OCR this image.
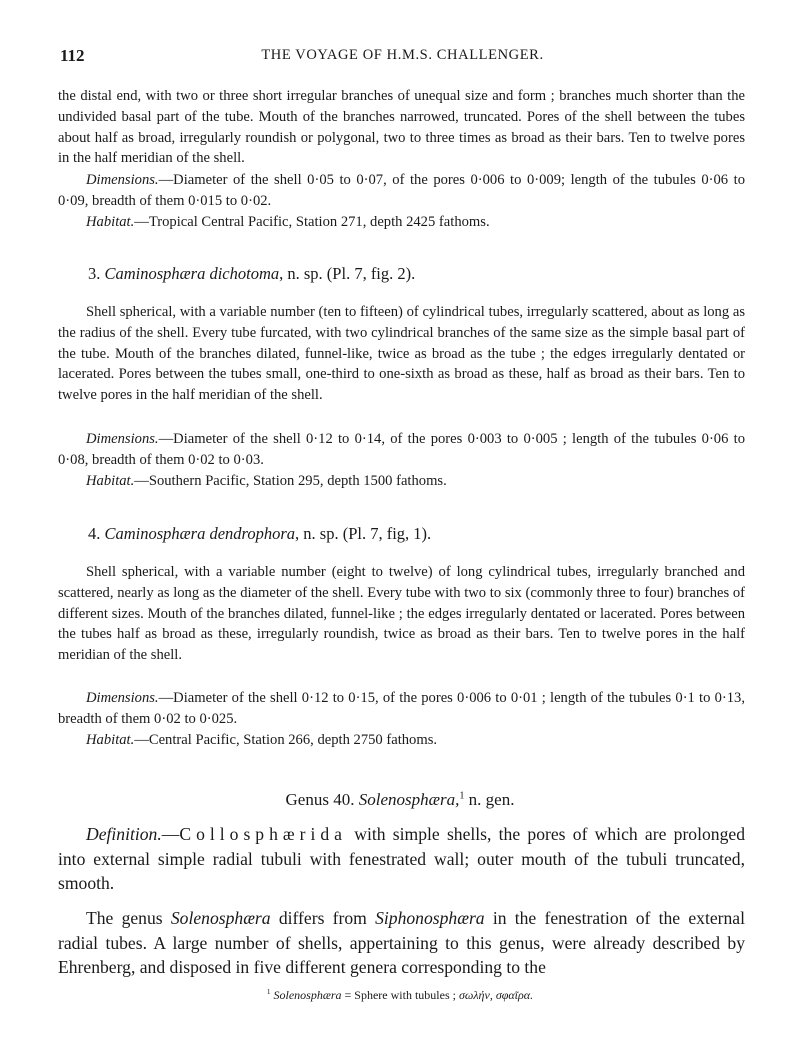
112	THE VOYAGE OF H.M.S. CHALLENGER.
the distal end, with two or three short irregular branches of unequal size and form ; branches much shorter than the undivided basal part of the tube. Mouth of the branches narrowed, truncated. Pores of the shell between the tubes about half as broad, irregularly roundish or polygonal, two to three times as broad as their bars. Ten to twelve pores in the half meridian of the shell.
Dimensions.—Diameter of the shell 0·05 to 0·07, of the pores 0·006 to 0·009; length of the tubules 0·06 to 0·09, breadth of them 0·015 to 0·02.
Habitat.—Tropical Central Pacific, Station 271, depth 2425 fathoms.
3. Caminosphæra dichotoma, n. sp. (Pl. 7, fig. 2).
Shell spherical, with a variable number (ten to fifteen) of cylindrical tubes, irregularly scattered, about as long as the radius of the shell. Every tube furcated, with two cylindrical branches of the same size as the simple basal part of the tube. Mouth of the branches dilated, funnel-like, twice as broad as the tube ; the edges irregularly dentated or lacerated. Pores between the tubes small, one-third to one-sixth as broad as these, half as broad as their bars. Ten to twelve pores in the half meridian of the shell.
Dimensions.—Diameter of the shell 0·12 to 0·14, of the pores 0·003 to 0·005 ; length of the tubules 0·06 to 0·08, breadth of them 0·02 to 0·03.
Habitat.—Southern Pacific, Station 295, depth 1500 fathoms.
4. Caminosphæra dendrophora, n. sp. (Pl. 7, fig, 1).
Shell spherical, with a variable number (eight to twelve) of long cylindrical tubes, irregularly branched and scattered, nearly as long as the diameter of the shell. Every tube with two to six (commonly three to four) branches of different sizes. Mouth of the branches dilated, funnel-like ; the edges irregularly dentated or lacerated. Pores between the tubes half as broad as these, irregularly roundish, twice as broad as their bars. Ten to twelve pores in the half meridian of the shell.
Dimensions.—Diameter of the shell 0·12 to 0·15, of the pores 0·006 to 0·01 ; length of the tubules 0·1 to 0·13, breadth of them 0·02 to 0·025.
Habitat.—Central Pacific, Station 266, depth 2750 fathoms.
Genus 40. Solenosphæra,$^1$ n. gen.
Definition.—Collosphærida with simple shells, the pores of which are prolonged into external simple radial tubuli with fenestrated wall; outer mouth of the tubuli truncated, smooth.
The genus Solenosphæra differs from Siphonosphæra in the fenestration of the external radial tubes. A large number of shells, appertaining to this genus, were already described by Ehrenberg, and disposed in five different genera corresponding to the
$^1$ Solenosphæra = Sphere with tubules ; σωλήν, σφαῖρα.
